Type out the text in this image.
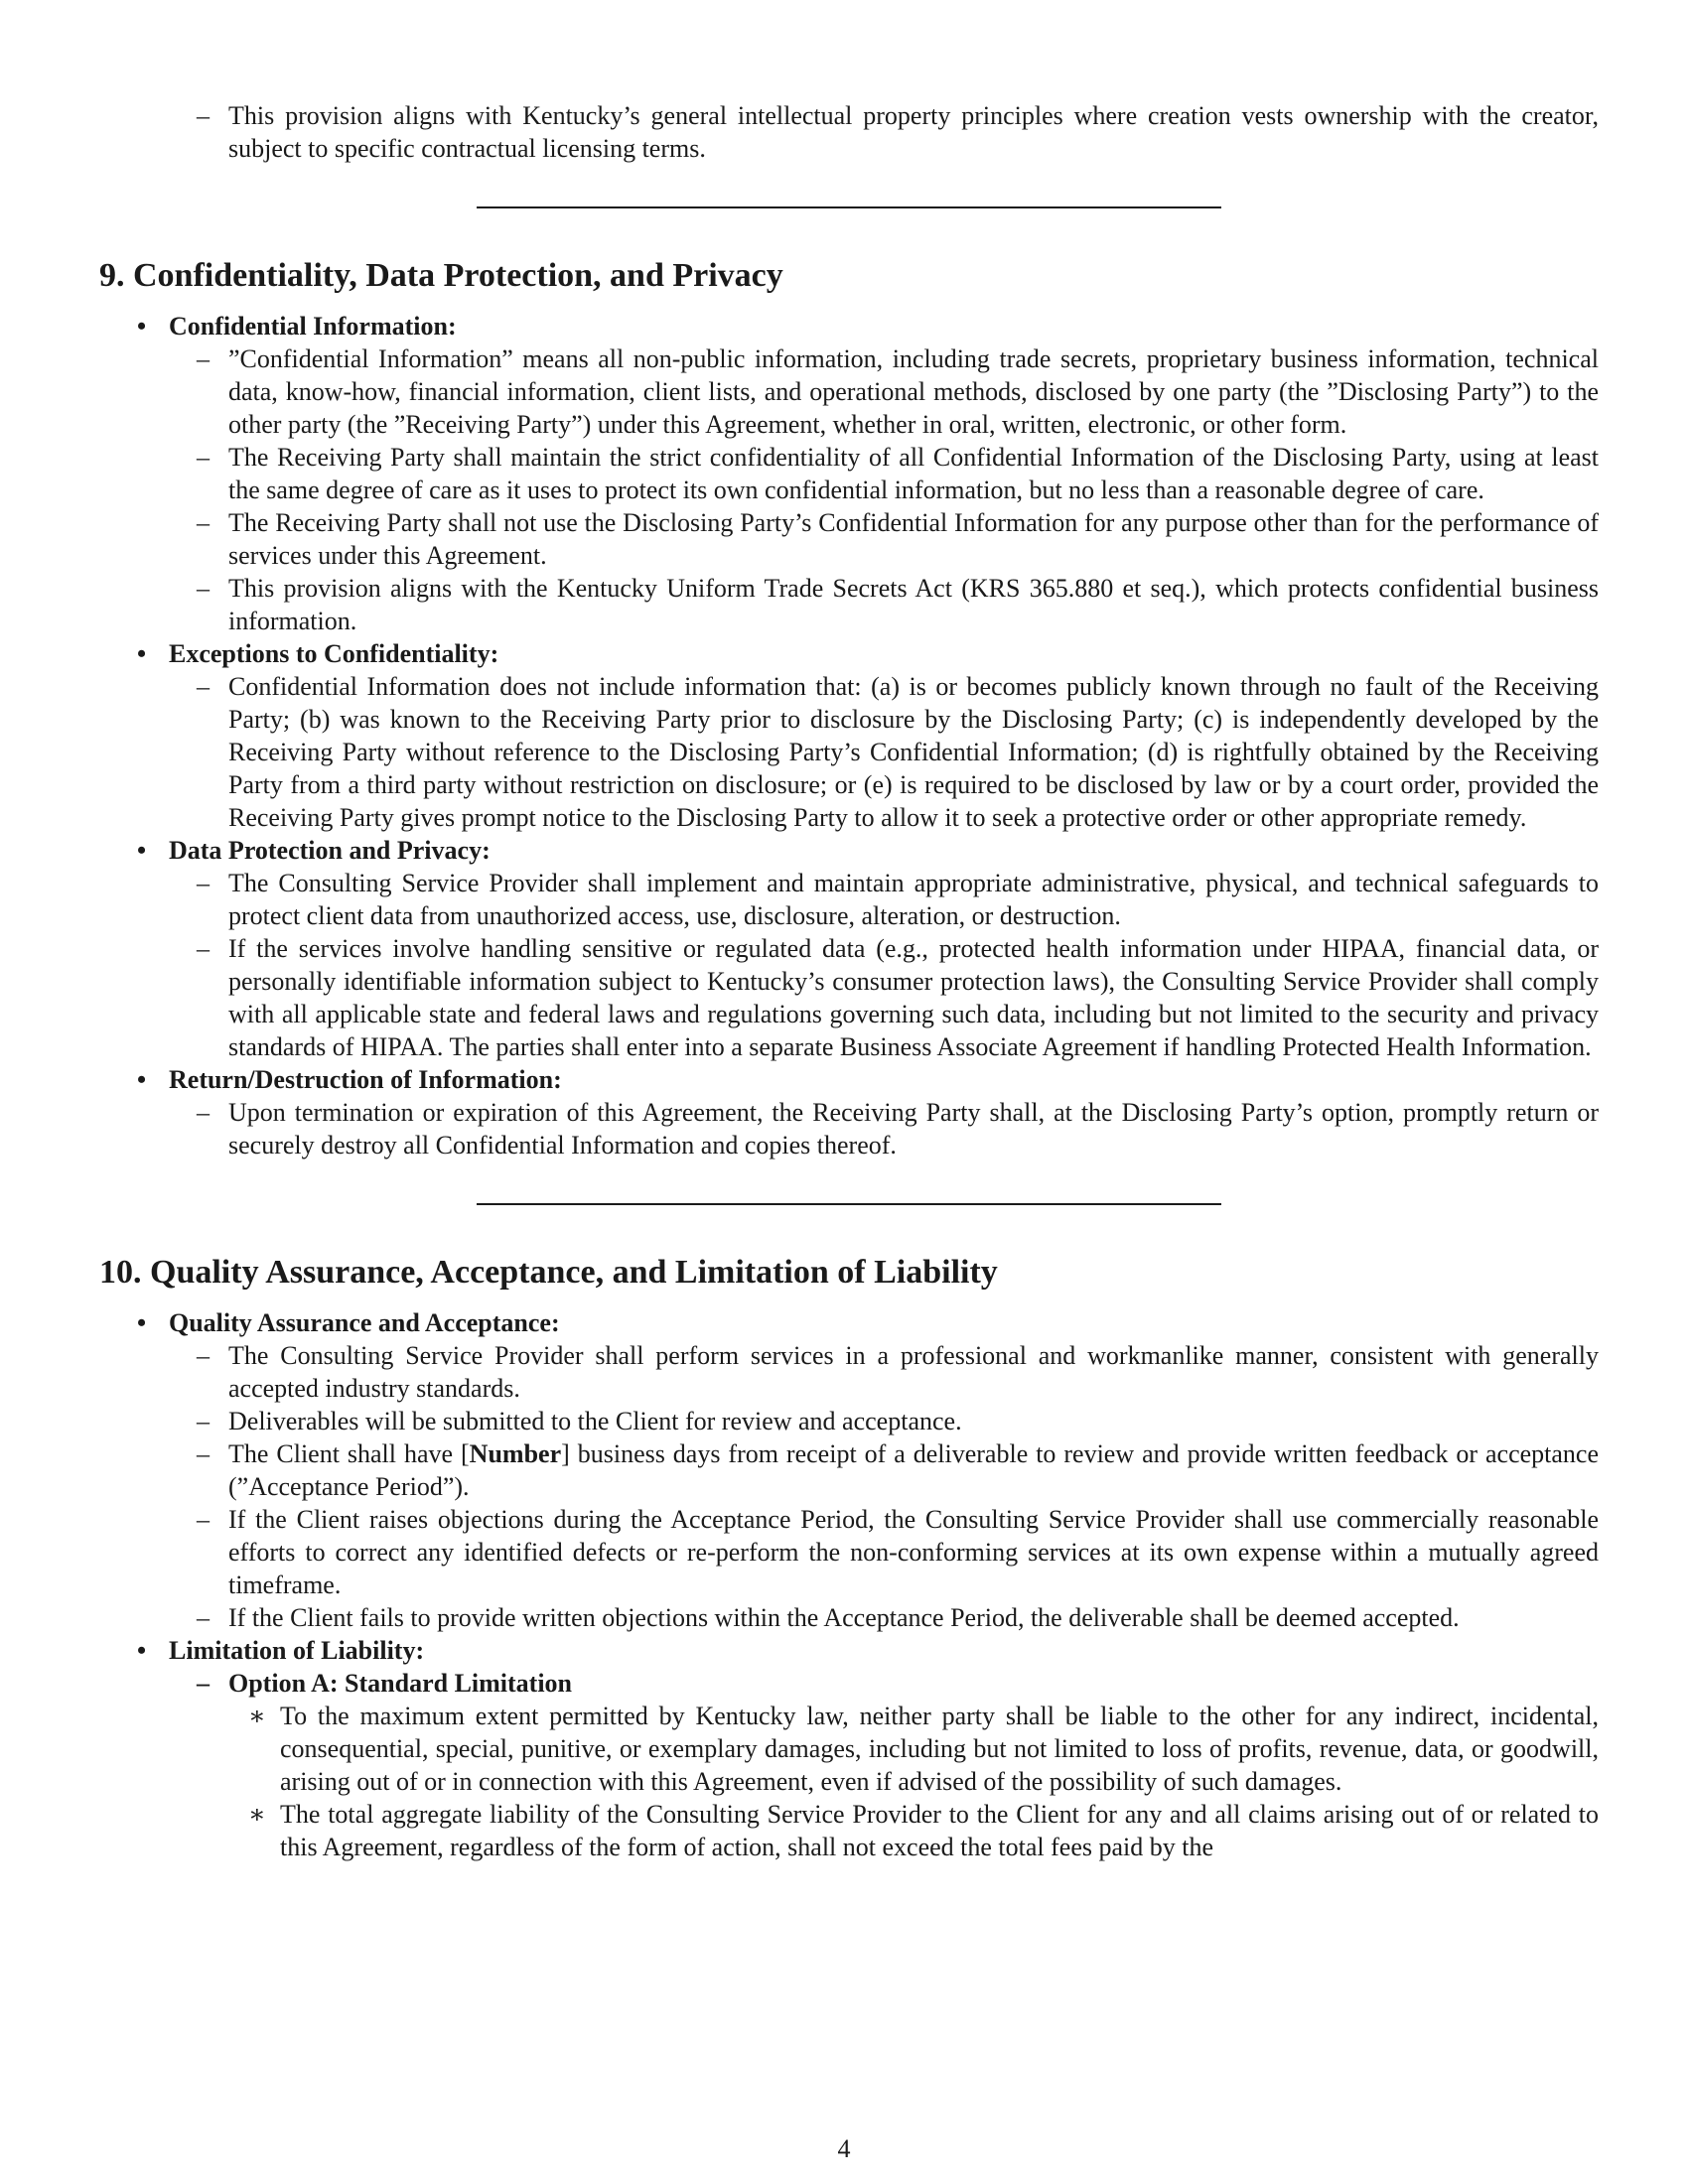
– This provision aligns with Kentucky’s general intellectual property principles where creation vests ownership with the creator, subject to specific contractual licensing terms.

9. Confidentiality, Data Protection, and Privacy

• Confidential Information:

– ”Confidential Information” means all non-public information, including trade secrets, proprietary business information, technical data, know-how, financial information, client lists, and operational methods, disclosed by one party (the ”Disclosing Party”) to the other party (the ”Receiving Party”) under this Agreement, whether in oral, written, electronic, or other form.

– The Receiving Party shall maintain the strict confidentiality of all Confidential Information of the Disclosing Party, using at least the same degree of care as it uses to protect its own confidential information, but no less than a reasonable degree of care.

– The Receiving Party shall not use the Disclosing Party’s Confidential Information for any purpose other than for the performance of services under this Agreement.

– This provision aligns with the Kentucky Uniform Trade Secrets Act (KRS 365.880 et seq.), which protects confidential business information.

• Exceptions to Confidentiality:

– Confidential Information does not include information that: (a) is or becomes publicly known through no fault of the Receiving Party; (b) was known to the Receiving Party prior to disclosure by the Disclosing Party; (c) is independently developed by the Receiving Party without reference to the Disclosing Party’s Confidential Information; (d) is rightfully obtained by the Receiving Party from a third party without restriction on disclosure; or (e) is required to be disclosed by law or by a court order, provided the Receiving Party gives prompt notice to the Disclosing Party to allow it to seek a protective order or other appropriate remedy.

• Data Protection and Privacy:

– The Consulting Service Provider shall implement and maintain appropriate administrative, physical, and technical safeguards to protect client data from unauthorized access, use, disclosure, alteration, or destruction.

– If the services involve handling sensitive or regulated data (e.g., protected health information under HIPAA, financial data, or personally identifiable information subject to Kentucky’s consumer protection laws), the Consulting Service Provider shall comply with all applicable state and federal laws and regulations governing such data, including but not limited to the security and privacy standards of HIPAA. The parties shall enter into a separate Business Associate Agreement if handling Protected Health Information.

• Return/Destruction of Information:

– Upon termination or expiration of this Agreement, the Receiving Party shall, at the Disclosing Party’s option, promptly return or securely destroy all Confidential Information and copies thereof.

10. Quality Assurance, Acceptance, and Limitation of Liability

• Quality Assurance and Acceptance:

– The Consulting Service Provider shall perform services in a professional and workmanlike manner, consistent with generally accepted industry standards.

– Deliverables will be submitted to the Client for review and acceptance.

– The Client shall have [Number] business days from receipt of a deliverable to review and provide written feedback or acceptance (”Acceptance Period”).

– If the Client raises objections during the Acceptance Period, the Consulting Service Provider shall use commercially reasonable efforts to correct any identified defects or re-perform the non-conforming services at its own expense within a mutually agreed timeframe.

– If the Client fails to provide written objections within the Acceptance Period, the deliverable shall be deemed accepted.

• Limitation of Liability:

– Option A: Standard Limitation

∗ To the maximum extent permitted by Kentucky law, neither party shall be liable to the other for any indirect, incidental, consequential, special, punitive, or exemplary damages, including but not limited to loss of profits, revenue, data, or goodwill, arising out of or in connection with this Agreement, even if advised of the possibility of such damages.

∗ The total aggregate liability of the Consulting Service Provider to the Client for any and all claims arising out of or related to this Agreement, regardless of the form of action, shall not exceed the total fees paid by the

4
